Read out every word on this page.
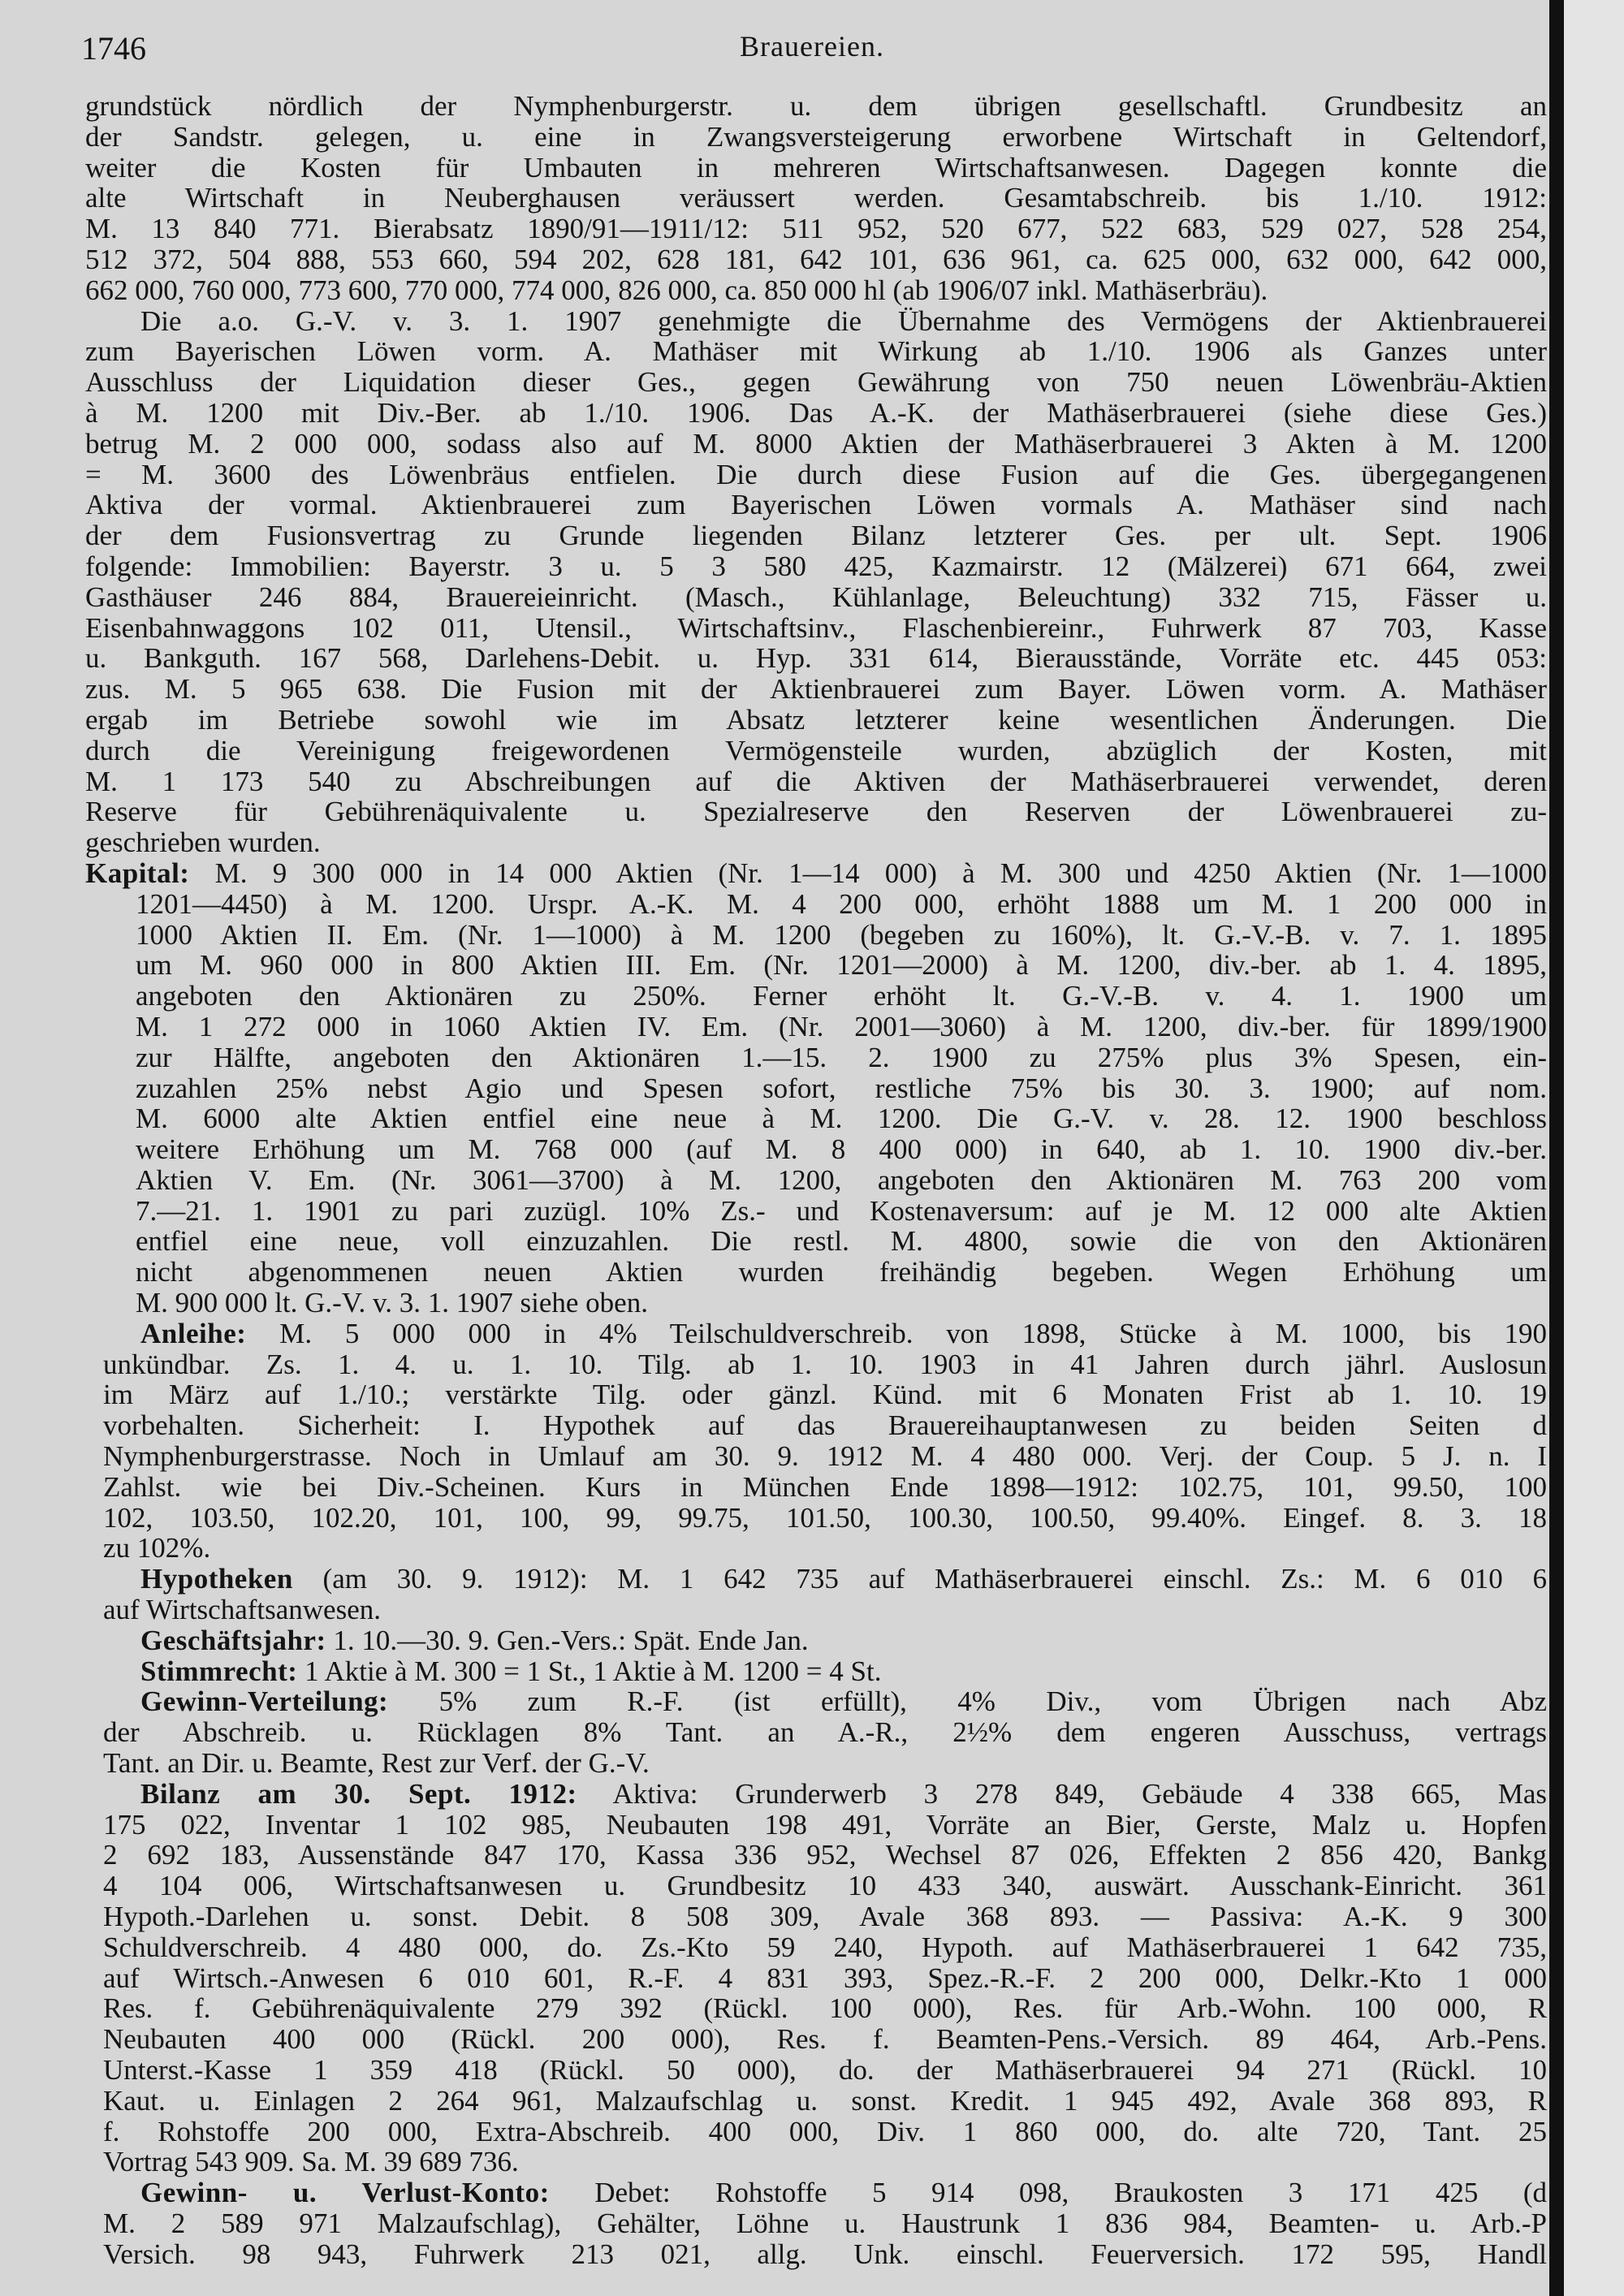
1746	Brauereien.
grundstück nördlich der Nymphenburgerstr. u. dem übrigen gesellschaftl. Grundbesitz an
der Sandstr. gelegen, u. eine in Zwangsversteigerung erworbene Wirtschaft in Geltendorf,
weiter die Kosten für Umbauten in mehreren Wirtschaftsanwesen. Dagegen konnte die
alte Wirtschaft in Neuberghausen veräussert werden. Gesamtabschreib. bis 1./10. 1912:
M. 13 840 771. Bierabsatz 1890/91—1911/12: 511 952, 520 677, 522 683, 529 027, 528 254,
512 372, 504 888, 553 660, 594 202, 628 181, 642 101, 636 961, ca. 625 000, 632 000, 642 000,
662 000, 760 000, 773 600, 770 000, 774 000, 826 000, ca. 850 000 hl (ab 1906/07 inkl. Mathäserbräu).
Die a.o. G.-V. v. 3. 1. 1907 genehmigte die Übernahme des Vermögens der Aktienbrauerei
zum Bayerischen Löwen vorm. A. Mathäser mit Wirkung ab 1./10. 1906 als Ganzes unter
Ausschluss der Liquidation dieser Ges., gegen Gewährung von 750 neuen Löwenbräu-Aktien
à M. 1200 mit Div.-Ber. ab 1./10. 1906. Das A.-K. der Mathäserbrauerei (siehe diese Ges.)
betrug M. 2 000 000, sodass also auf M. 8000 Aktien der Mathäserbrauerei 3 Akten à M. 1200
= M. 3600 des Löwenbräus entfielen. Die durch diese Fusion auf die Ges. übergegangenen
Aktiva der vormal. Aktienbrauerei zum Bayerischen Löwen vormals A. Mathäser sind nach
der dem Fusionsvertrag zu Grunde liegenden Bilanz letzterer Ges. per ult. Sept. 1906
folgende: Immobilien: Bayerstr. 3 u. 5 3 580 425, Kazmairstr. 12 (Mälzerei) 671 664, zwei
Gasthäuser 246 884, Brauereieinricht. (Masch., Kühlanlage, Beleuchtung) 332 715, Fässer u.
Eisenbahnwaggons 102 011, Utensil., Wirtschaftsinv., Flaschenbiereinr., Fuhrwerk 87 703, Kasse
u. Bankguth. 167 568, Darlehens-Debit. u. Hyp. 331 614, Bierausstände, Vorräte etc. 445 053:
zus. M. 5 965 638. Die Fusion mit der Aktienbrauerei zum Bayer. Löwen vorm. A. Mathäser
ergab im Betriebe sowohl wie im Absatz letzterer keine wesentlichen Änderungen. Die
durch die Vereinigung freigewordenen Vermögensteile wurden, abzüglich der Kosten, mit
M. 1 173 540 zu Abschreibungen auf die Aktiven der Mathäserbrauerei verwendet, deren
Reserve für Gebührenäquivalente u. Spezialreserve den Reserven der Löwenbrauerei zu-
geschrieben wurden.
Kapital: M. 9 300 000 in 14 000 Aktien (Nr. 1—14 000) à M. 300 und 4250 Aktien (Nr. 1—1000
1201—4450) à M. 1200. Urspr. A.-K. M. 4 200 000, erhöht 1888 um M. 1 200 000 in
1000 Aktien II. Em. (Nr. 1—1000) à M. 1200 (begeben zu 160%), lt. G.-V.-B. v. 7. 1. 1895
um M. 960 000 in 800 Aktien III. Em. (Nr. 1201—2000) à M. 1200, div.-ber. ab 1. 4. 1895,
angeboten den Aktionären zu 250%. Ferner erhöht lt. G.-V.-B. v. 4. 1. 1900 um
M. 1 272 000 in 1060 Aktien IV. Em. (Nr. 2001—3060) à M. 1200, div.-ber. für 1899/1900
zur Hälfte, angeboten den Aktionären 1.—15. 2. 1900 zu 275% plus 3% Spesen, ein-
zuzahlen 25% nebst Agio und Spesen sofort, restliche 75% bis 30. 3. 1900; auf nom.
M. 6000 alte Aktien entfiel eine neue à M. 1200. Die G.-V. v. 28. 12. 1900 beschloss
weitere Erhöhung um M. 768 000 (auf M. 8 400 000) in 640, ab 1. 10. 1900 div.-ber.
Aktien V. Em. (Nr. 3061—3700) à M. 1200, angeboten den Aktionären M. 763 200 vom
7.—21. 1. 1901 zu pari zuzügl. 10% Zs.- und Kostenaversum: auf je M. 12 000 alte Aktien
entfiel eine neue, voll einzuzahlen. Die restl. M. 4800, sowie die von den Aktionären
nicht abgenommenen neuen Aktien wurden freihändig begeben. Wegen Erhöhung um
M. 900 000 lt. G.-V. v. 3. 1. 1907 siehe oben.
Anleihe: M. 5 000 000 in 4% Teilschuldverschreib. von 1898, Stücke à M. 1000, bis 190
unkündbar. Zs. 1. 4. u. 1. 10. Tilg. ab 1. 10. 1903 in 41 Jahren durch jährl. Auslosun
im März auf 1./10.; verstärkte Tilg. oder gänzl. Künd. mit 6 Monaten Frist ab 1. 10. 19
vorbehalten. Sicherheit: I. Hypothek auf das Brauereihauptanwesen zu beiden Seiten d
Nymphenburgerstrasse. Noch in Umlauf am 30. 9. 1912 M. 4 480 000. Verj. der Coup. 5 J. n. I
Zahlst. wie bei Div.-Scheinen. Kurs in München Ende 1898—1912: 102.75, 101, 99.50, 100
102, 103.50, 102.20, 101, 100, 99, 99.75, 101.50, 100.30, 100.50, 99.40%. Eingef. 8. 3. 18
zu 102%.
Hypotheken (am 30. 9. 1912): M. 1 642 735 auf Mathäserbrauerei einschl. Zs.: M. 6 010 6
auf Wirtschaftsanwesen.
Geschäftsjahr: 1. 10.—30. 9. Gen.-Vers.: Spät. Ende Jan.
Stimmrecht: 1 Aktie à M. 300 = 1 St., 1 Aktie à M. 1200 = 4 St.
Gewinn-Verteilung: 5% zum R.-F. (ist erfüllt), 4% Div., vom Übrigen nach Abz
der Abschreib. u. Rücklagen 8% Tant. an A.-R., 2½% dem engeren Ausschuss, vertrags
Tant. an Dir. u. Beamte, Rest zur Verf. der G.-V.
Bilanz am 30. Sept. 1912: Aktiva: Grunderwerb 3 278 849, Gebäude 4 338 665, Mas
175 022, Inventar 1 102 985, Neubauten 198 491, Vorräte an Bier, Gerste, Malz u. Hopfen
2 692 183, Aussenstände 847 170, Kassa 336 952, Wechsel 87 026, Effekten 2 856 420, Bankg
4 104 006, Wirtschaftsanwesen u. Grundbesitz 10 433 340, auswärt. Ausschank-Einricht. 361
Hypoth.-Darlehen u. sonst. Debit. 8 508 309, Avale 368 893. — Passiva: A.-K. 9 300
Schuldverschreib. 4 480 000, do. Zs.-Kto 59 240, Hypoth. auf Mathäserbrauerei 1 642 735,
auf Wirtsch.-Anwesen 6 010 601, R.-F. 4 831 393, Spez.-R.-F. 2 200 000, Delkr.-Kto 1 000
Res. f. Gebührenäquivalente 279 392 (Rückl. 100 000), Res. für Arb.-Wohn. 100 000, R
Neubauten 400 000 (Rückl. 200 000), Res. f. Beamten-Pens.-Versich. 89 464, Arb.-Pens.
Unterst.-Kasse 1 359 418 (Rückl. 50 000), do. der Mathäserbrauerei 94 271 (Rückl. 10
Kaut. u. Einlagen 2 264 961, Malzaufschlag u. sonst. Kredit. 1 945 492, Avale 368 893, R
f. Rohstoffe 200 000, Extra-Abschreib. 400 000, Div. 1 860 000, do. alte 720, Tant. 25
Vortrag 543 909. Sa. M. 39 689 736.
Gewinn- u. Verlust-Konto: Debet: Rohstoffe 5 914 098, Braukosten 3 171 425 (d
M. 2 589 971 Malzaufschlag), Gehälter, Löhne u. Haustrunk 1 836 984, Beamten- u. Arb.-P
Versich. 98 943, Fuhrwerk 213 021, allg. Unk. einschl. Feuerversich. 172 595, Handl
